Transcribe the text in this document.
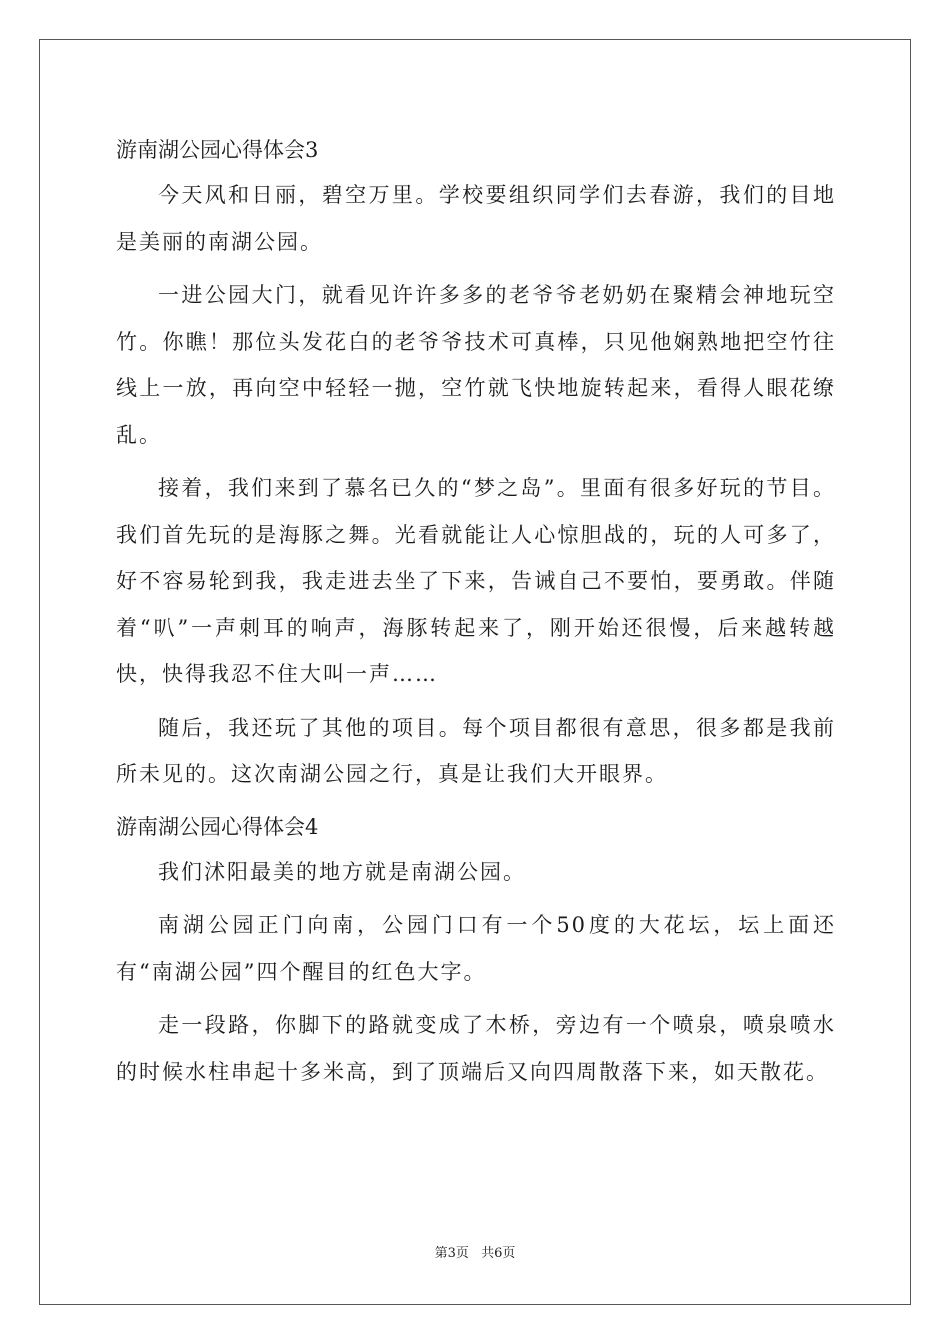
游南湖公园心得体会3

今天风和日丽，碧空万里。学校要组织同学们去春游，我们的目地是美丽的南湖公园。

一进公园大门，就看见许许多多的老爷爷老奶奶在聚精会神地玩空竹。你瞧！那位头发花白的老爷爷技术可真棒，只见他娴熟地把空竹往线上一放，再向空中轻轻一抛，空竹就飞快地旋转起来，看得人眼花缭乱。

接着，我们来到了慕名已久的“梦之岛”。里面有很多好玩的节目。我们首先玩的是海豚之舞。光看就能让人心惊胆战的，玩的人可多了，好不容易轮到我，我走进去坐了下来，告诫自己不要怕，要勇敢。伴随着“叭”一声刺耳的响声，海豚转起来了，刚开始还很慢，后来越转越快，快得我忍不住大叫一声……

随后，我还玩了其他的项目。每个项目都很有意思，很多都是我前所未见的。这次南湖公园之行，真是让我们大开眼界。

游南湖公园心得体会4

我们沭阳最美的地方就是南湖公园。

南湖公园正门向南，公园门口有一个50度的大花坛，坛上面还有“南湖公园”四个醒目的红色大字。

走一段路，你脚下的路就变成了木桥，旁边有一个喷泉，喷泉喷水的时候水柱串起十多米高，到了顶端后又向四周散落下来，如天散花。

第3页 共6页
